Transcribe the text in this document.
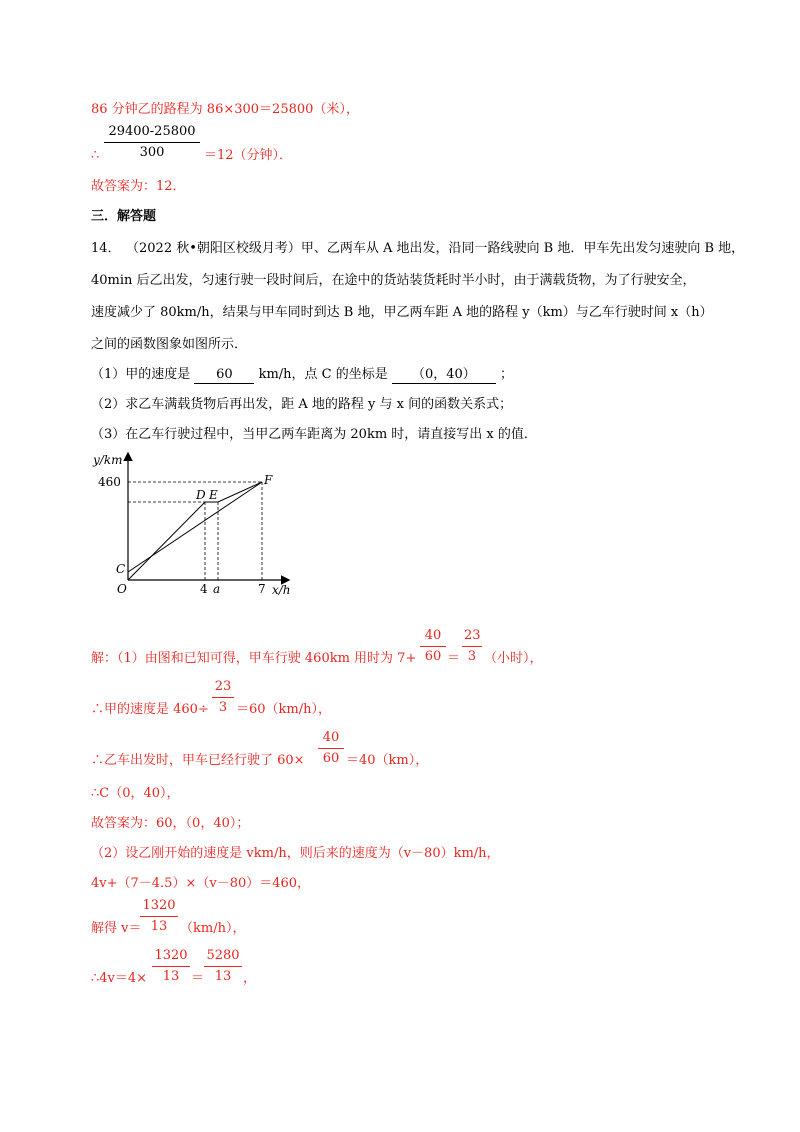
86 分钟乙的路程为 86×300＝25800（米），
$\frac{29400-25800}{300}$
∴	＝12（分钟）．
故答案为：12．
三．解答题
14． （2022 秋•朝阳区校级月考）甲、乙两车从 A 地出发，沿同一路线驶向 B 地．甲车先出发匀速驶向 B 地，
40min 后乙出发，匀速行驶一段时间后，在途中的货站装货耗时半小时，由于满载货物，为了行驶安全，
速度减少了 80km/h，结果与甲车同时到达 B 地，甲乙两车距 A 地的路程 y（km）与乙车行驶时间 x（h）
之间的函数图象如图所示．
（1）甲的速度是 60 km/h，点 C 的坐标是 （0，40） ；
（2）求乙车满载货物后再出发，距 A 地的路程 y 与 x 间的函数关系式；
（3）在乙车行驶过程中，当甲乙两车距离为 20km 时，请直接写出 x 的值．
y/km
460
O
C
D E
F
4 a	7 x/h
解：（1）由图和已知可得，甲车行驶 460km 用时为 $7+ \frac{40}{60} = \frac{23}{3}$ （小时），
∴甲的速度是 $460\div \frac{23}{3} =60(km/h)$，
∴乙车出发时，甲车已经行驶了 $60\times \frac{40}{60} =40(km)$，
∴C（0，40），
故答案为：60，（0，40）；
（2）设乙刚开始的速度是 vkm/h，则后来的速度为（v－80）km/h，
4v+（7－4.5）×（v－80）＝460，
解得 v＝
$\frac{1320}{13} (km/h)$，
∴4v＝4× $\frac{1320}{13} = \frac{5280}{13}$ ，
